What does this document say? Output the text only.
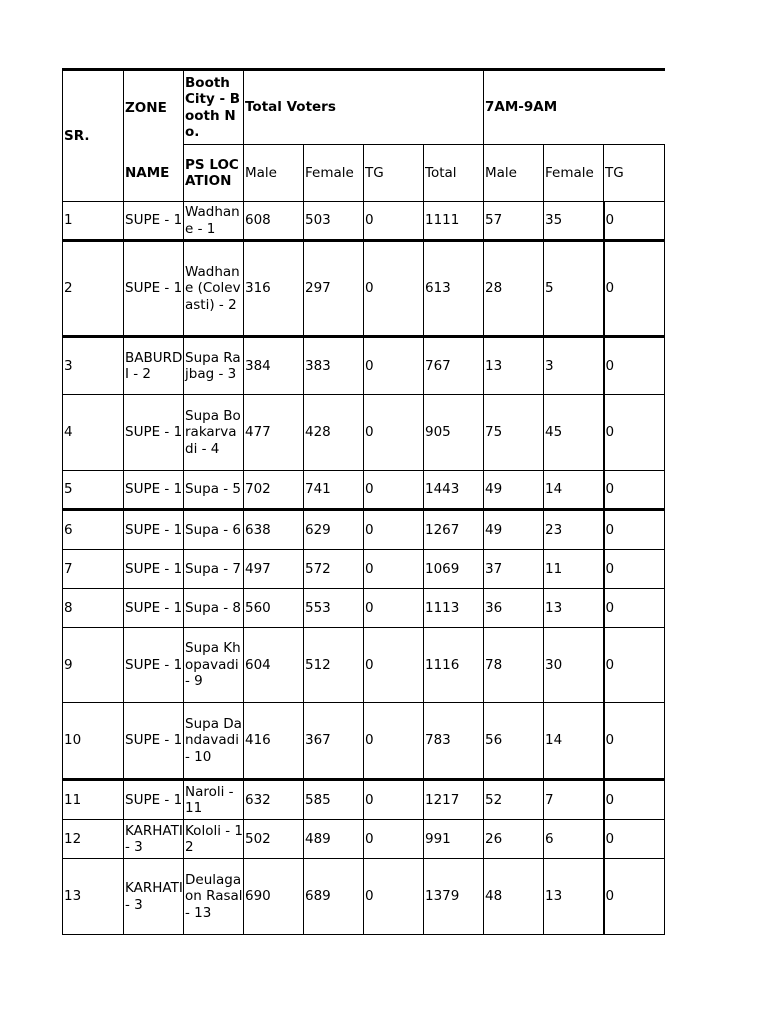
SR.	ZONE	Booth City - Booth No.	Total Voters				7AM-9AM		
	NAME	PS LOCATION	Male	Female	TG	Total	Male	Female	TG
1	SUPE - 1	Wadhane - 1	608	503	0	1111	57	35	0
2	SUPE - 1	Wadhane (Colevasti) - 2	316	297	0	613	28	5	0
3	BABURDI - 2	Supa Rajbag - 3	384	383	0	767	13	3	0
4	SUPE - 1	Supa Borakarvadi - 4	477	428	0	905	75	45	0
5	SUPE - 1	Supa - 5	702	741	0	1443	49	14	0
6	SUPE - 1	Supa - 6	638	629	0	1267	49	23	0
7	SUPE - 1	Supa - 7	497	572	0	1069	37	11	0
8	SUPE - 1	Supa - 8	560	553	0	1113	36	13	0
9	SUPE - 1	Supa Khopavadi - 9	604	512	0	1116	78	30	0
10	SUPE - 1	Supa Dandavadi - 10	416	367	0	783	56	14	0
11	SUPE - 1	Naroli - 11	632	585	0	1217	52	7	0
12	KARHATI - 3	Kololi - 12	502	489	0	991	26	6	0
13	KARHATI - 3	Deulagaon Rasal - 13	690	689	0	1379	48	13	0
